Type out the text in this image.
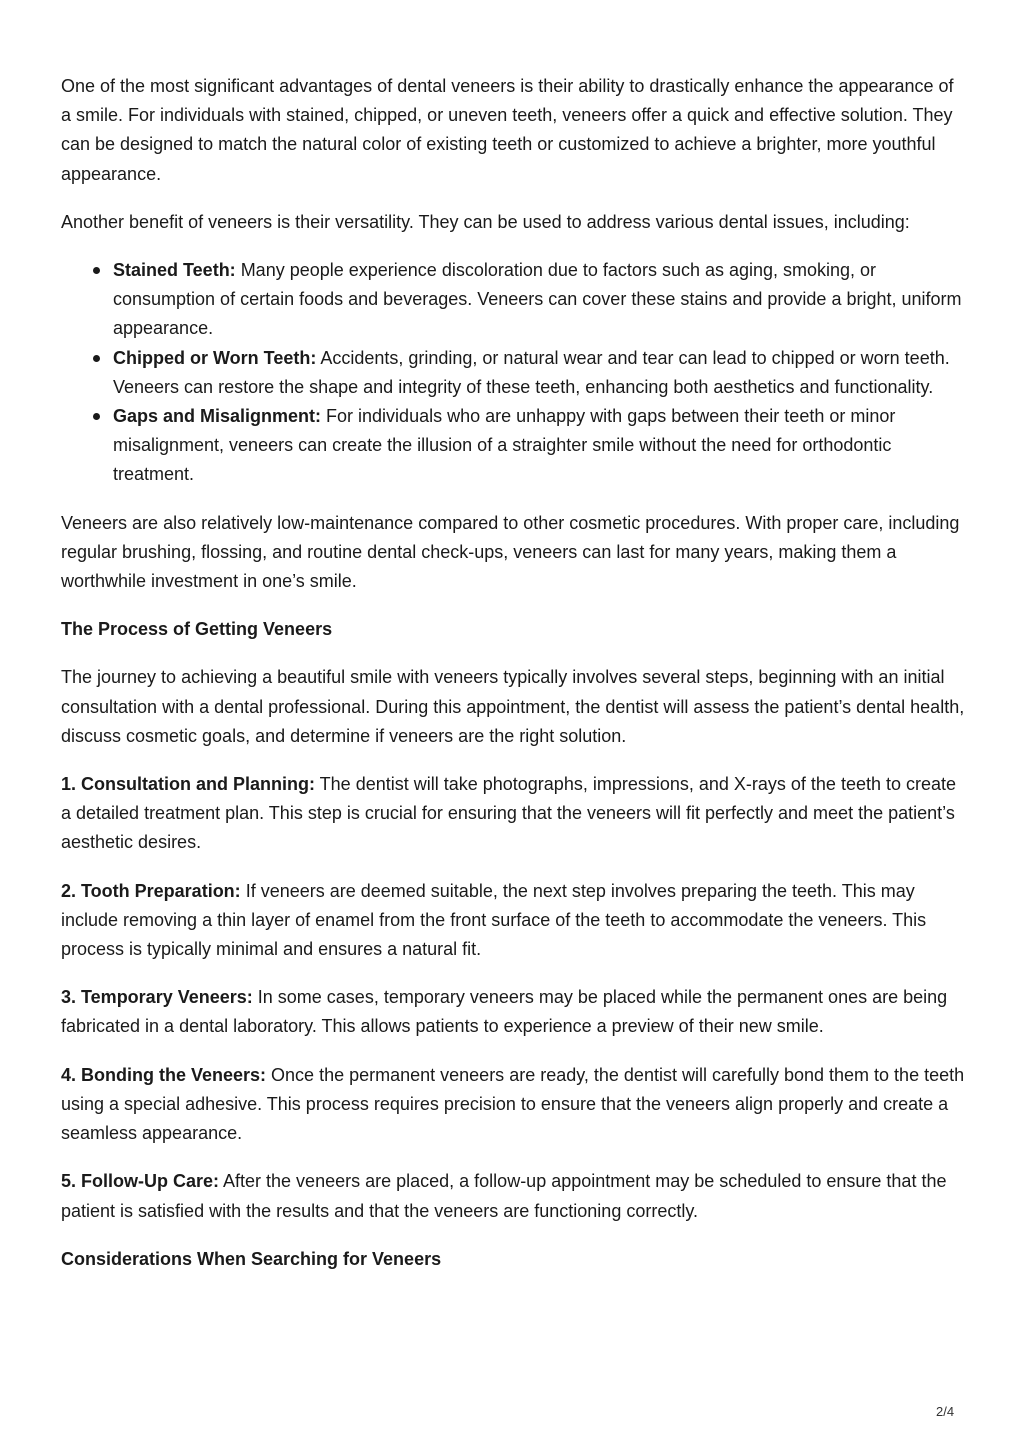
One of the most significant advantages of dental veneers is their ability to drastically enhance the appearance of a smile. For individuals with stained, chipped, or uneven teeth, veneers offer a quick and effective solution. They can be designed to match the natural color of existing teeth or customized to achieve a brighter, more youthful appearance.

Another benefit of veneers is their versatility. They can be used to address various dental issues, including:

Stained Teeth: Many people experience discoloration due to factors such as aging, smoking, or consumption of certain foods and beverages. Veneers can cover these stains and provide a bright, uniform appearance.
Chipped or Worn Teeth: Accidents, grinding, or natural wear and tear can lead to chipped or worn teeth. Veneers can restore the shape and integrity of these teeth, enhancing both aesthetics and functionality.
Gaps and Misalignment: For individuals who are unhappy with gaps between their teeth or minor misalignment, veneers can create the illusion of a straighter smile without the need for orthodontic treatment.

Veneers are also relatively low-maintenance compared to other cosmetic procedures. With proper care, including regular brushing, flossing, and routine dental check-ups, veneers can last for many years, making them a worthwhile investment in one’s smile.

The Process of Getting Veneers

The journey to achieving a beautiful smile with veneers typically involves several steps, beginning with an initial consultation with a dental professional. During this appointment, the dentist will assess the patient’s dental health, discuss cosmetic goals, and determine if veneers are the right solution.

1. Consultation and Planning: The dentist will take photographs, impressions, and X-rays of the teeth to create a detailed treatment plan. This step is crucial for ensuring that the veneers will fit perfectly and meet the patient’s aesthetic desires.

2. Tooth Preparation: If veneers are deemed suitable, the next step involves preparing the teeth. This may include removing a thin layer of enamel from the front surface of the teeth to accommodate the veneers. This process is typically minimal and ensures a natural fit.

3. Temporary Veneers: In some cases, temporary veneers may be placed while the permanent ones are being fabricated in a dental laboratory. This allows patients to experience a preview of their new smile.

4. Bonding the Veneers: Once the permanent veneers are ready, the dentist will carefully bond them to the teeth using a special adhesive. This process requires precision to ensure that the veneers align properly and create a seamless appearance.

5. Follow-Up Care: After the veneers are placed, a follow-up appointment may be scheduled to ensure that the patient is satisfied with the results and that the veneers are functioning correctly.

Considerations When Searching for Veneers

2/4
